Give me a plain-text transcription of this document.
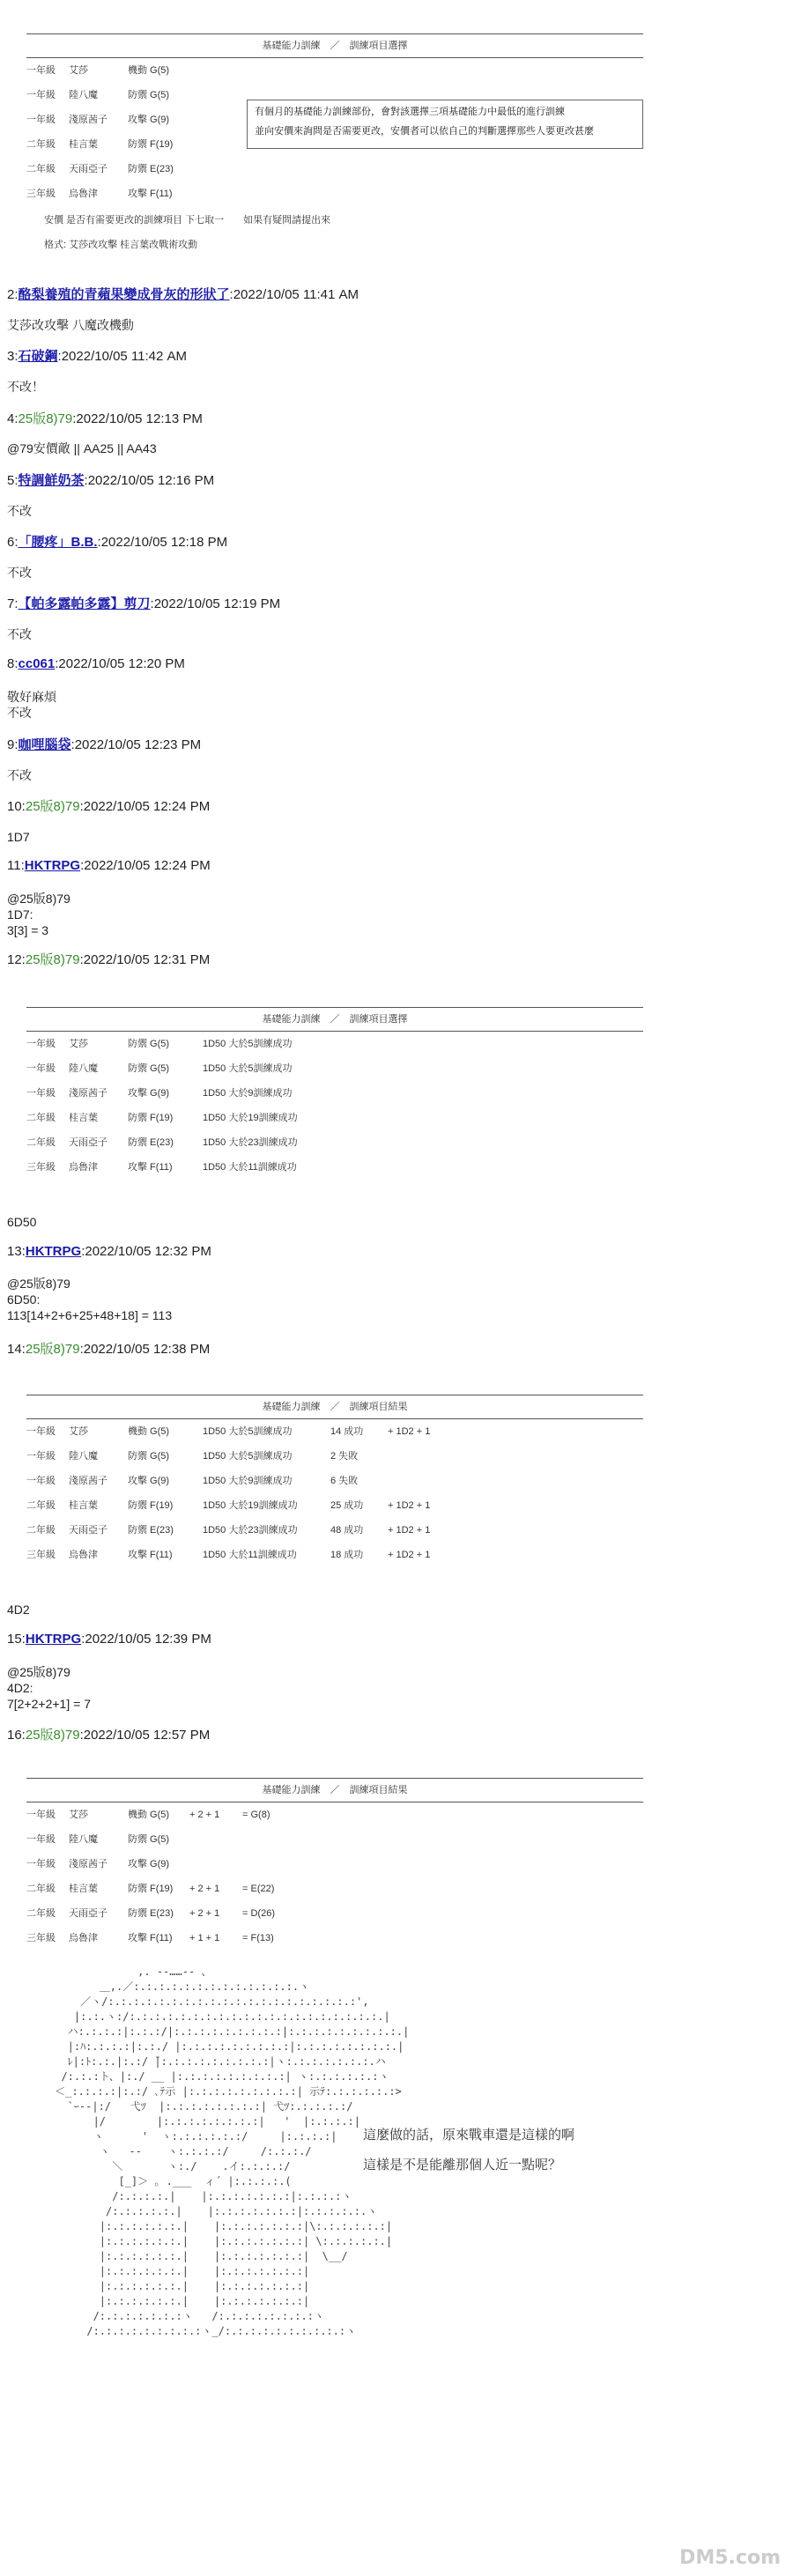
基礎能力訓練　／　訓練項目選擇
一年級 艾莎	機動 G(5)
一年級 陸八魔	防禦 G(5)
一年級 淺原茜子 攻擊 G(9)
二年級 桂言葉	防禦 F(19)
二年級 天雨亞子 防禦 E(23)
三年級 烏魯津	攻擊 F(11)
有個月的基礎能力訓練部份，會對該選擇三項基礎能力中最低的進行訓練
並向安價來詢問是否需要更改，安價者可以依自己的判斷選擇那些人要更改甚麼
安價 是否有需要更改的訓練項目 下七取一　　如果有疑問請提出來
格式: 艾莎改攻擊 桂言葉改戰術攻動
2:酪梨養殖的青蘋果變成骨灰的形狀了:2022/10/05 11:41 AM
艾莎改攻擊 八魔改機動
3:石破鋼:2022/10/05 11:42 AM
不改！
4:25版8)79:2022/10/05 12:13 PM
@79安價敵 || AA25 || AA43
5:特調鮮奶茶:2022/10/05 12:16 PM
不改
6:「腰疼」B.B.:2022/10/05 12:18 PM
不改
7:【帕多露帕多露】剪刀:2022/10/05 12:19 PM
不改
8:cc061:2022/10/05 12:20 PM
敬好麻煩
不改
9:咖哩腦袋:2022/10/05 12:23 PM
不改
10:25版8)79:2022/10/05 12:24 PM
1D7
11:HKTRPG:2022/10/05 12:24 PM
@25版8)79
1D7:
3[3] = 3
12:25版8)79:2022/10/05 12:31 PM
基礎能力訓練　／　訓練項目選擇
一年級 艾莎	防禦 G(5)	1D50 大於5訓練成功
一年級 陸八魔	防禦 G(5)	1D50 大於5訓練成功
一年級 淺原茜子 攻擊 G(9)	1D50 大於9訓練成功
二年級 桂言葉	防禦 F(19)	1D50 大於19訓練成功
二年級 天雨亞子 防禦 E(23)	1D50 大於23訓練成功
三年級 烏魯津	攻擊 F(11)	1D50 大於11訓練成功
6D50
13:HKTRPG:2022/10/05 12:32 PM
@25版8)79
6D50:
113[14+2+6+25+48+18] = 113
14:25版8)79:2022/10/05 12:38 PM
基礎能力訓練　／　訓練項目結果
一年級 艾莎	機動 G(5)	1D50 大於5訓練成功	14 成功	+ 1D2 + 1
一年級 陸八魔	防禦 G(5)	1D50 大於5訓練成功	2 失敗
一年級 淺原茜子 攻擊 G(9)	1D50 大於9訓練成功	6 失敗
二年級 桂言葉	防禦 F(19)	1D50 大於19訓練成功	25 成功	+ 1D2 + 1
二年級 天雨亞子 防禦 E(23)	1D50 大於23訓練成功	48 成功	+ 1D2 + 1
三年級 烏魯津	攻擊 F(11)	1D50 大於11訓練成功	18 成功	+ 1D2 + 1
4D2
15:HKTRPG:2022/10/05 12:39 PM
@25版8)79
4D2:
7[2+2+2+1] = 7
16:25版8)79:2022/10/05 12:57 PM
基礎能力訓練　／　訓練項目結果
一年級 艾莎	機動 G(5) + 2 + 1 = G(8)
一年級 陸八魔	防禦 G(5)
一年級 淺原茜子 攻擊 G(9)
二年級 桂言葉	防禦 F(19) + 2 + 1 = E(22)
二年級 天雨亞子 防禦 E(23) + 2 + 1 = D(26)
三年級 烏魯津	攻擊 F(11) + 1 + 1 = F(13)
,. -‐……‐- 、
＿,.／:.:.:.:.:.:.:.:.:.:.:.:.:.ヽ
／ヽ/:.:.:.:.:.:.:.:.:.:.:.:.:.:.:.:.:.:.:.:',
|:.:.ヽ:/:.:.:.:.:.:.:.:.:.:.:.:.:.:.:.:.:.:.:.:.|
ハ:.:.:.:|:.:.:/|:.:.:.:.:.:.:.:.:|:.:.:.:.:.:.:.:.:.|
|:ﾊ:.:.:.:|:.:./ |:.:.:.:.:.:.:.:.:|:.:.:.:.:.:.:.:.|
ﾚ|:ﾄ:.:.|:.:/ ̄|:.:.:.:.:.:.:.:.:|ヽ:.:.:.:.:.:.:.ハ
/:.:.:ト、|:./ __ |:.:.:.:.:.:.:.:.:| ヽ:.:.:.:.:.:ヽ
＜_:.:.:.:|:.:/ ､ﾃ示 |:.:.:.:.:.:.:.:.:| 示ﾃ:.:.:.:.:.:>
`ｰ‐-|:/   弋ﾂ  |:.:.:.:.:.:.:.:| 弋ﾂ:.:.:.:.:/
|/        |:.:.:.:.:.:.:.:|   '  |:.:.:.:|
ヽ      '  ヽ:.:.:.:.:.:/     |:.:.:.:|
ヽ   ‐-    ヽ:.:.:.:/     /:.:.:./
＼       ヽ:./    .イ:.:.:.:/
[_]＞ ｡ .___  ィ´ |:.:.:.:.(
/:.:.:.:.|    |:.:.:.:.:.:.:|:.:.:.:ヽ
/:.:.:.:.:.|    |:.:.:.:.:.:.:|:.:.:.:.:.ヽ
|:.:.:.:.:.:.|    |:.:.:.:.:.:.:|\:.:.:.:.:.:|
|:.:.:.:.:.:.|    |:.:.:.:.:.:.:| \:.:.:.:.:.|
|:.:.:.:.:.:.|    |:.:.:.:.:.:.:|  \__/
|:.:.:.:.:.:.|    |:.:.:.:.:.:.:|
|:.:.:.:.:.:.|    |:.:.:.:.:.:.:|
|:.:.:.:.:.:.|    |:.:.:.:.:.:.:|
/:.:.:.:.:.:.:ヽ   /:.:.:.:.:.:.:.:ヽ
/:.:.:.:.:.:.:.:.:ヽ_/:.:.:.:.:.:.:.:.:.:ヽ
這麼做的話，原來戰車還是這樣的啊
這樣是不是能離那個人近一點呢？
DM5.com
